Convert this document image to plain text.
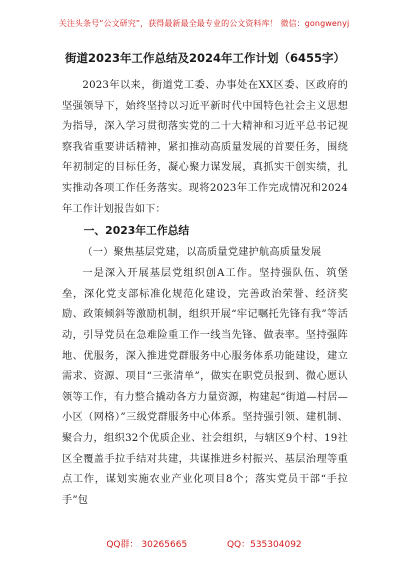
关注头条号“公文研究”，获得最新最全最专业的公文资料库！ 微信：gongwenyj

街道2023年工作总结及2024年工作计划（6455字）

2023年以来，街道党工委、办事处在XX区委、区政府的坚强领导下，始终坚持以习近平新时代中国特色社会主义思想为指导，深入学习贯彻落实党的二十大精神和习近平总书记视察我省重要讲话精神，紧扣推动高质量发展的首要任务，围绕年初制定的目标任务，凝心聚力谋发展，真抓实干创实绩，扎实推动各项工作任务落实。现将2023年工作完成情况和2024年工作计划报告如下：

一、2023年工作总结

（一）聚焦基层党建，以高质量党建护航高质量发展

一是深入开展基层党组织创A工作。坚持强队伍、筑堡垒，深化党支部标准化规范化建设，完善政治荣誉、经济奖励、政策倾斜等激励机制，组织开展“牢记嘱托先锋有我”等活动，引导党员在急难险重工作一线当先锋、做表率。坚持强阵地、优服务，深入推进党群服务中心服务体系功能建设，建立需求、资源、项目“三张清单”，做实在职党员报到、微心愿认领等工作，有力整合撬动各方力量资源，构建起“街道—村居—小区（网格）”三级党群服务中心体系。坚持强引领、建机制、聚合力，组织32个优质企业、社会组织，与辖区9个村、19社区全覆盖手拉手结对共建，共谋推进乡村振兴、基层治理等重点工作，谋划实施农业产业化项目8个；落实党员干部“手拉手”包

QQ群： 30265665	QQ：535304092
